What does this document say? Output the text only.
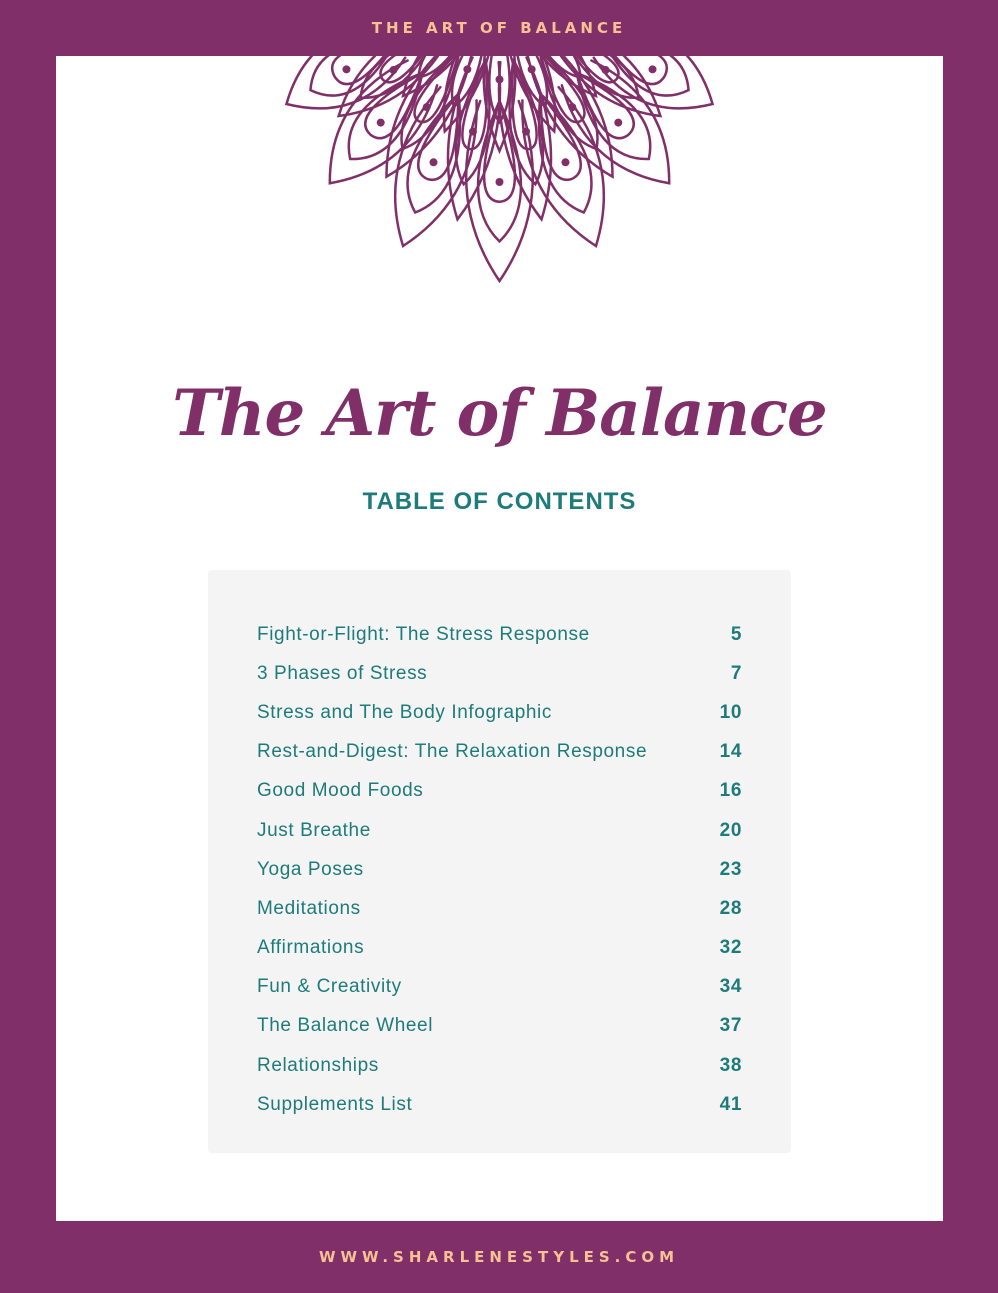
THE ART OF BALANCE
The Art of Balance
TABLE OF CONTENTS
Fight-or-Flight: The Stress Response	5
3 Phases of Stress	7
Stress and The Body Infographic	10
Rest-and-Digest: The Relaxation Response	14
Good Mood Foods	16
Just Breathe	20
Yoga Poses	23
Meditations	28
Affirmations	32
Fun & Creativity	34
The Balance Wheel	37
Relationships	38
Supplements List	41
WWW.SHARLENESTYLES.COM
